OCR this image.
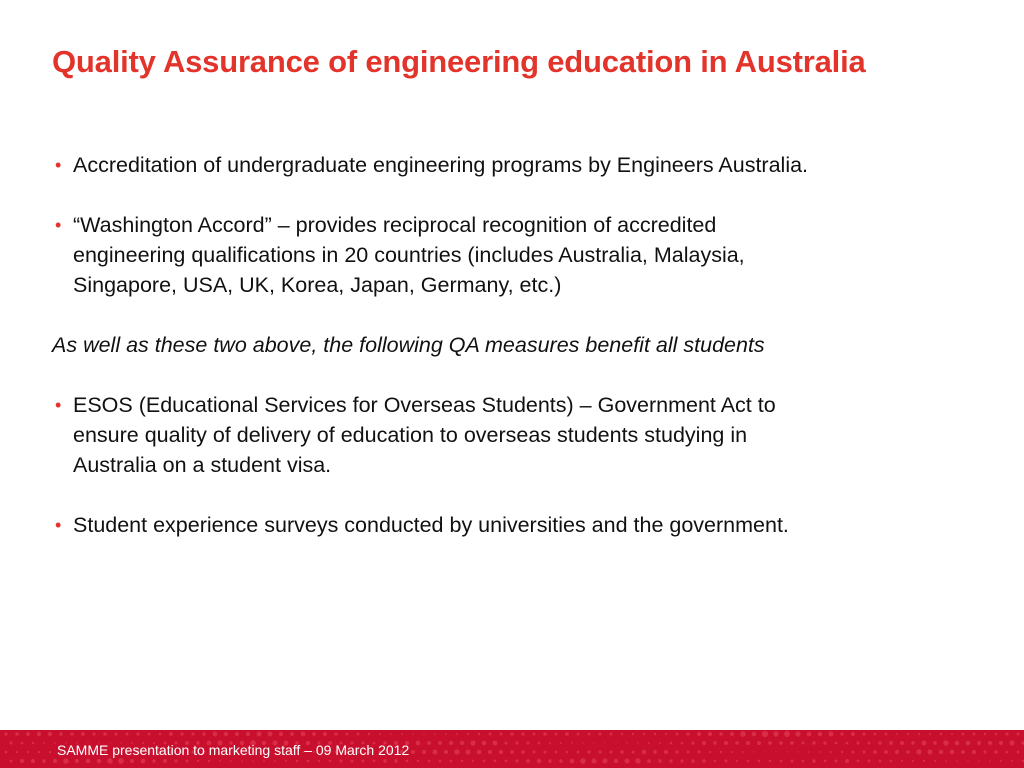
Quality Assurance of engineering education in Australia
• Accreditation of undergraduate engineering programs by Engineers Australia.
• “Washington Accord” – provides reciprocal recognition of accredited
engineering qualifications in 20 countries (includes Australia, Malaysia,
Singapore, USA, UK, Korea, Japan, Germany, etc.)

As well as these two above, the following QA measures benefit all students

• ESOS (Educational Services for Overseas Students) – Government Act to
ensure quality of delivery of education to overseas students studying in
Australia on a student visa.
• Student experience surveys conducted by universities and the government.
SAMME presentation to marketing staff – 09 March 2012
